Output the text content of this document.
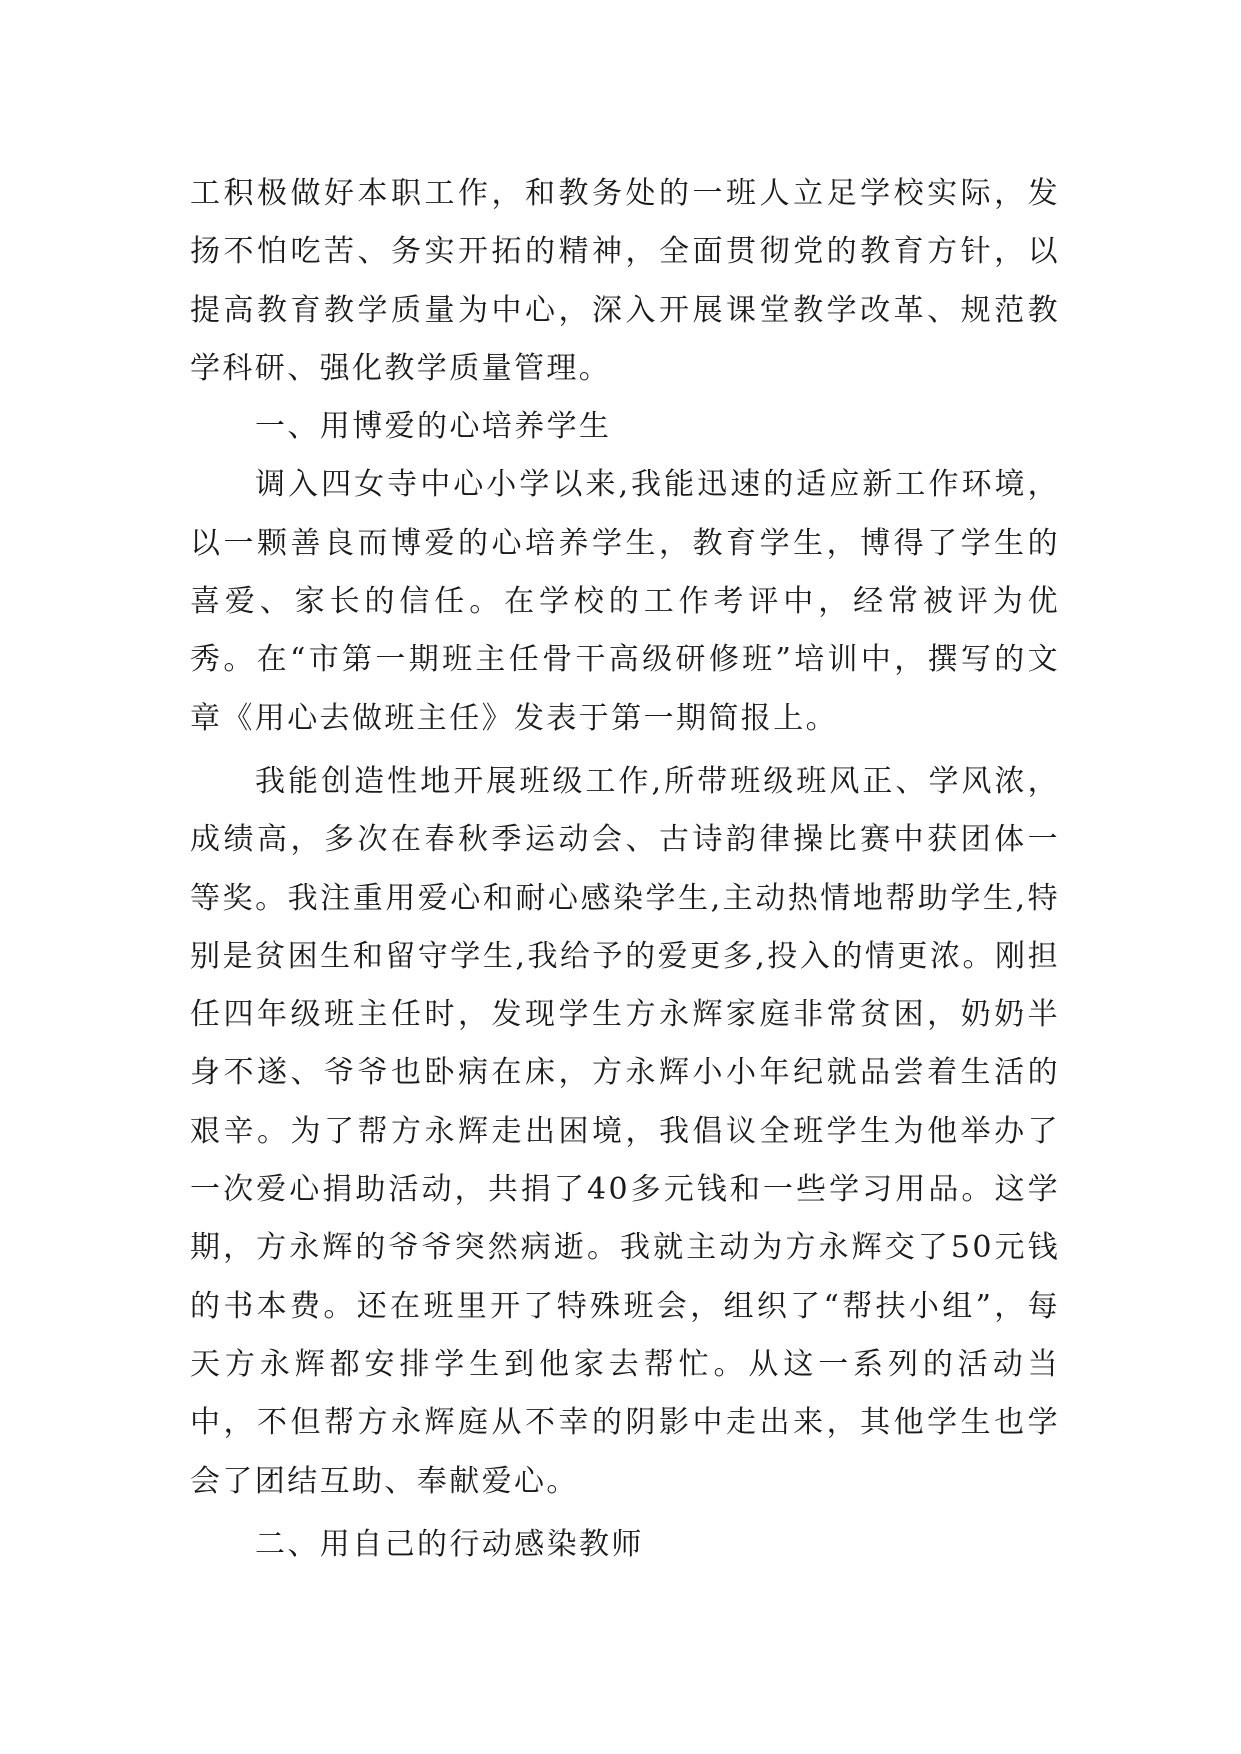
工积极做好本职工作，和教务处的一班人立足学校实际，发扬不怕吃苦、务实开拓的精神，全面贯彻党的教育方针，以提高教育教学质量为中心，深入开展课堂教学改革、规范教学科研、强化教学质量管理。

一、用博爱的心培养学生

调入四女寺中心小学以来,我能迅速的适应新工作环境，以一颗善良而博爱的心培养学生，教育学生，博得了学生的喜爱、家长的信任。在学校的工作考评中，经常被评为优秀。在“市第一期班主任骨干高级研修班”培训中，撰写的文章《用心去做班主任》发表于第一期简报上。

我能创造性地开展班级工作,所带班级班风正、学风浓，成绩高，多次在春秋季运动会、古诗韵律操比赛中获团体一等奖。我注重用爱心和耐心感染学生,主动热情地帮助学生,特别是贫困生和留守学生,我给予的爱更多,投入的情更浓。刚担任四年级班主任时，发现学生方永辉家庭非常贫困，奶奶半身不遂、爷爷也卧病在床，方永辉小小年纪就品尝着生活的艰辛。为了帮方永辉走出困境，我倡议全班学生为他举办了一次爱心捐助活动，共捐了40多元钱和一些学习用品。这学期，方永辉的爷爷突然病逝。我就主动为方永辉交了50元钱的书本费。还在班里开了特殊班会，组织了“帮扶小组”，每天方永辉都安排学生到他家去帮忙。从这一系列的活动当中，不但帮方永辉庭从不幸的阴影中走出来，其他学生也学会了团结互助、奉献爱心。

二、用自己的行动感染教师
